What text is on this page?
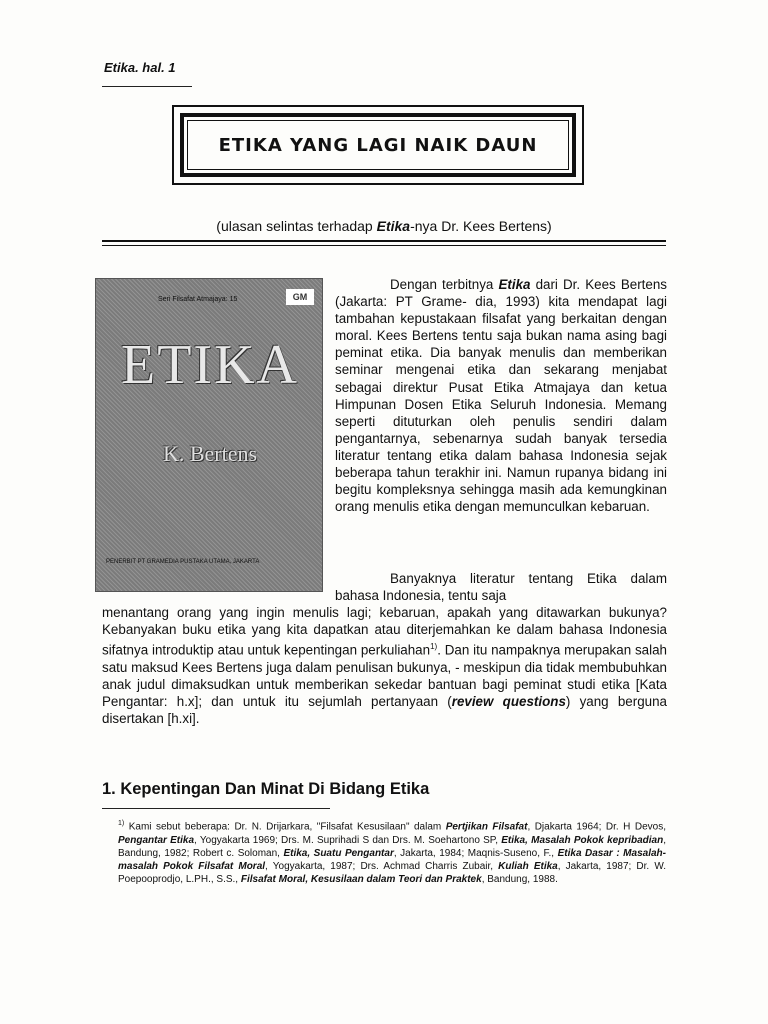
Etika. hal. 1
ETIKA YANG LAGI NAIK DAUN
(ulasan selintas terhadap Etika-nya Dr. Kees Bertens)
Seri Filsafat Atmajaya: 15	GM
ETIKA
K. Bertens
PENERBIT PT GRAMEDIA PUSTAKA UTAMA, JAKARTA
Dengan terbitnya Etika dari Dr. Kees Bertens (Jakarta: PT Grame- dia, 1993) kita mendapat lagi tambahan kepustakaan filsafat yang berkaitan dengan moral. Kees Bertens tentu saja bukan nama asing bagi peminat etika. Dia banyak menulis dan memberikan seminar mengenai etika dan sekarang menjabat sebagai direktur Pusat Etika Atmajaya dan ketua Himpunan Dosen Etika Seluruh Indonesia. Memang seperti dituturkan oleh penulis sendiri dalam pengantarnya, sebenarnya sudah banyak tersedia literatur tentang etika dalam bahasa Indonesia sejak beberapa tahun terakhir ini. Namun rupanya bidang ini begitu kompleksnya sehingga masih ada kemungkinan orang menulis etika dengan memunculkan kebaruan.
Banyaknya literatur tentang Etika dalam bahasa Indonesia, tentu saja
menantang orang yang ingin menulis lagi; kebaruan, apakah yang ditawarkan bukunya? Kebanyakan buku etika yang kita dapatkan atau diterjemahkan ke dalam bahasa Indonesia sifatnya introduktip atau untuk kepentingan perkuliahan$^{1)}$. Dan itu nampaknya merupakan salah satu maksud Kees Bertens juga dalam penulisan bukunya, - meskipun dia tidak membubuhkan anak judul dimaksudkan untuk memberikan sekedar bantuan bagi peminat studi etika [Kata Pengantar: h.x]; dan untuk itu sejumlah pertanyaan (review questions) yang berguna disertakan [h.xi].
1. Kepentingan Dan Minat Di Bidang Etika
$^{1)}$ Kami sebut beberapa: Dr. N. Drijarkara, "Filsafat Kesusilaan" dalam Pertjikan Filsafat, Djakarta 1964; Dr. H Devos, Pengantar Etika, Yogyakarta 1969; Drs. M. Suprihadi S dan Drs. M. Soehartono SP, Etika, Masalah Pokok kepribadian, Bandung, 1982; Robert c. Soloman, Etika, Suatu Pengantar, Jakarta, 1984; Maqnis-Suseno, F., Etika Dasar : Masalah-masalah Pokok Filsafat Moral, Yogyakarta, 1987; Drs. Achmad Charris Zubair, Kuliah Etika, Jakarta, 1987; Dr. W. Poepooprodjo, L.PH., S.S., Filsafat Moral, Kesusilaan dalam Teori dan Praktek, Bandung, 1988.
